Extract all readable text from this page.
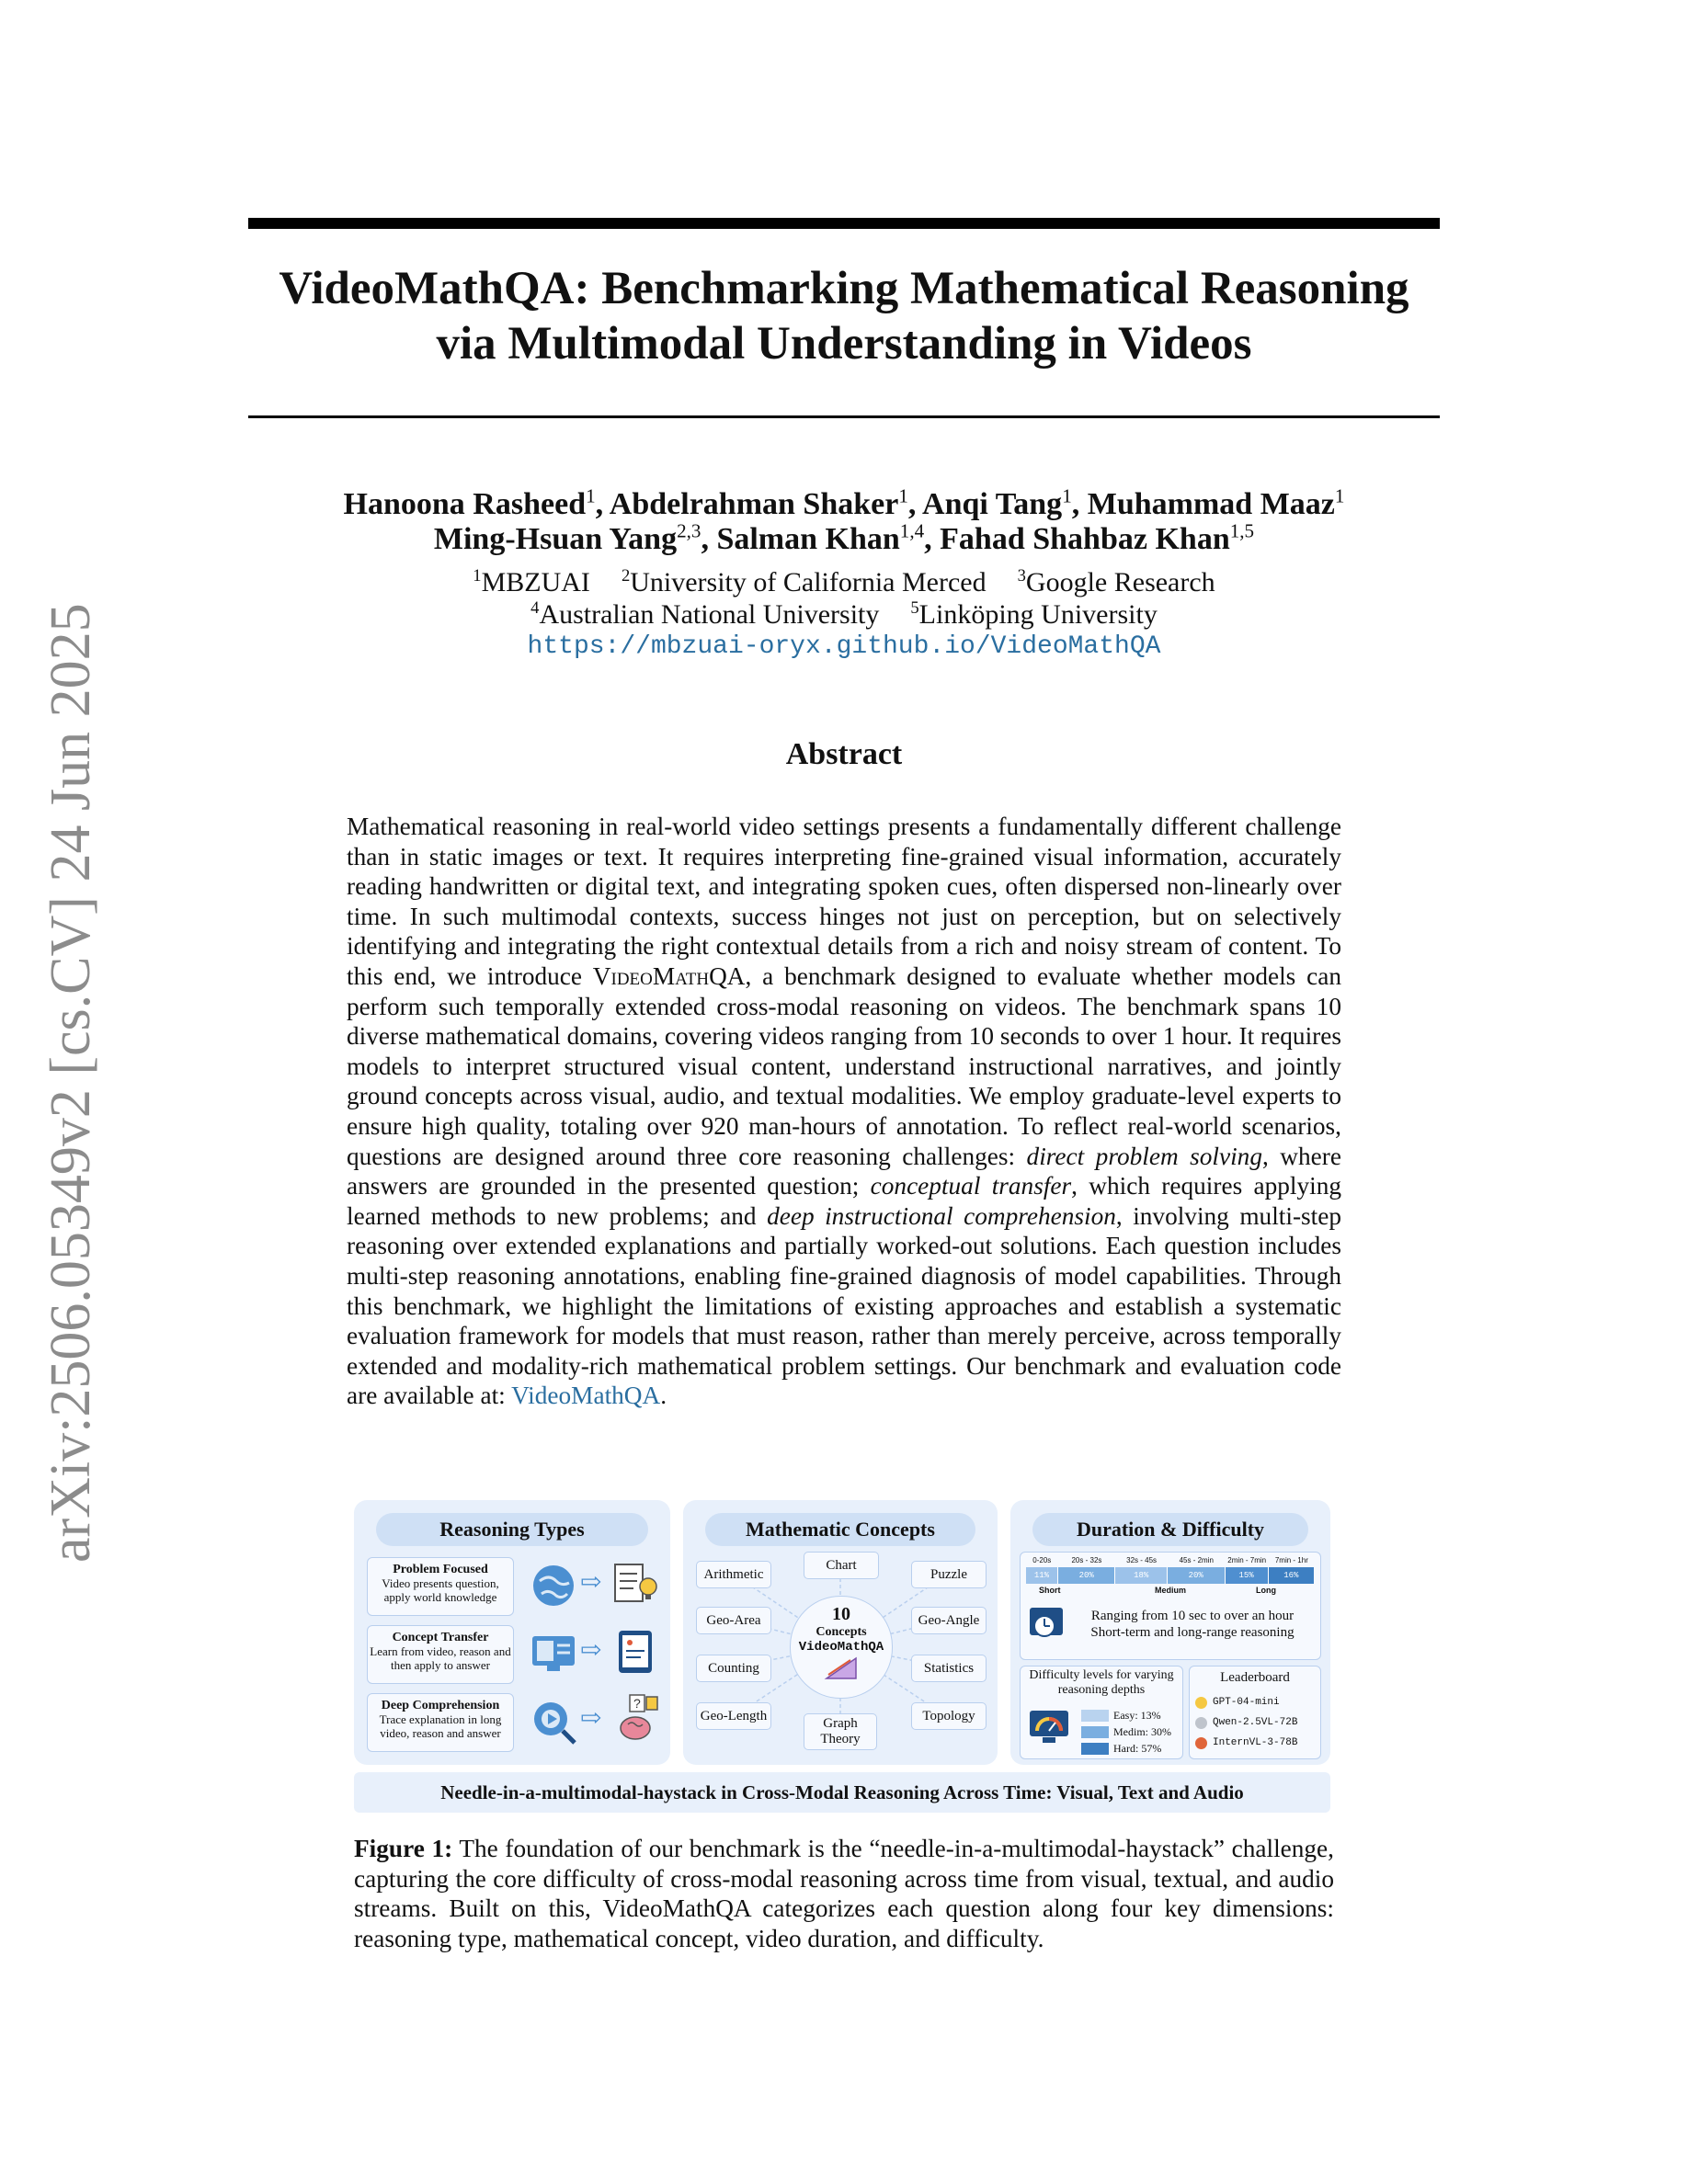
arXiv:2506.05349v2 [cs.CV] 24 Jun 2025
VideoMathQA: Benchmarking Mathematical Reasoning
via Multimodal Understanding in Videos
Hanoona Rasheed$^1$, Abdelrahman Shaker$^1$, Anqi Tang$^1$, Muhammad Maaz$^1$
Ming-Hsuan Yang$^{2,3}$, Salman Khan$^{1,4}$, Fahad Shahbaz Khan$^{1,5}$
$^1$MBZUAI $^2$University of California Merced $^3$Google Research
$^4$Australian National University $^5$Linköping University
https://mbzuai-oryx.github.io/VideoMathQA
Abstract
Mathematical reasoning in real-world video settings presents a fundamentally different challenge than in static images or text. It requires interpreting fine-grained visual information, accurately reading handwritten or digital text, and integrating spoken cues, often dispersed non-linearly over time. In such multimodal contexts, success hinges not just on perception, but on selectively identifying and integrating the right contextual details from a rich and noisy stream of content. To this end, we introduce VideoMathQA, a benchmark designed to evaluate whether models can perform such temporally extended cross-modal reasoning on videos. The benchmark spans 10 diverse mathematical domains, covering videos ranging from 10 seconds to over 1 hour. It requires models to interpret structured visual content, understand instructional narratives, and jointly ground concepts across visual, audio, and textual modalities. We employ graduate-level experts to ensure high quality, totaling over 920 man-hours of annotation. To reflect real-world scenarios, questions are designed around three core reasoning challenges: direct problem solving, where answers are grounded in the presented question; conceptual transfer, which requires applying learned methods to new problems; and deep instructional comprehension, involving multi-step reasoning over extended explanations and partially worked-out solutions. Each question includes multi-step reasoning annotations, enabling fine-grained diagnosis of model capabilities. Through this benchmark, we highlight the limitations of existing approaches and establish a systematic evaluation framework for models that must reason, rather than merely perceive, across temporally extended and modality-rich mathematical problem settings. Our benchmark and evaluation code are available at: VideoMathQA.
Reasoning Types
Problem Focused
Video presents question, apply world knowledge
⇨
Concept Transfer
Learn from video, reason and then apply to answer
⇨
Deep Comprehension
Trace explanation in long video, reason and answer
⇨
?
Mathematic Concepts
Arithmetic
Chart
Puzzle
Geo-Area	Geo-Angle
Counting	Statistics
Geo-Length	Graph Theory
Topology
10
Concepts
VideoMathQA
Duration & Difficulty
0-20s	20s - 32s	32s - 45s	45s - 2min	2min - 7min	7min - 1hr
11%	20%	18%	20%	15%	16%
Short	Medium	Long
Ranging from 10 sec to over an hour
Short-term and long-range reasoning
Difficulty levels for varying reasoning depths
Easy: 13%
Medim: 30%
Hard: 57%
Leaderboard
GPT-04-mini
Qwen-2.5VL-72B
InternVL-3-78B
Needle-in-a-multimodal-haystack in Cross-Modal Reasoning Across Time: Visual, Text and Audio
Figure 1: The foundation of our benchmark is the “needle-in-a-multimodal-haystack” challenge, capturing the core difficulty of cross-modal reasoning across time from visual, textual, and audio streams. Built on this, VideoMathQA categorizes each question along four key dimensions: reasoning type, mathematical concept, video duration, and difficulty.
